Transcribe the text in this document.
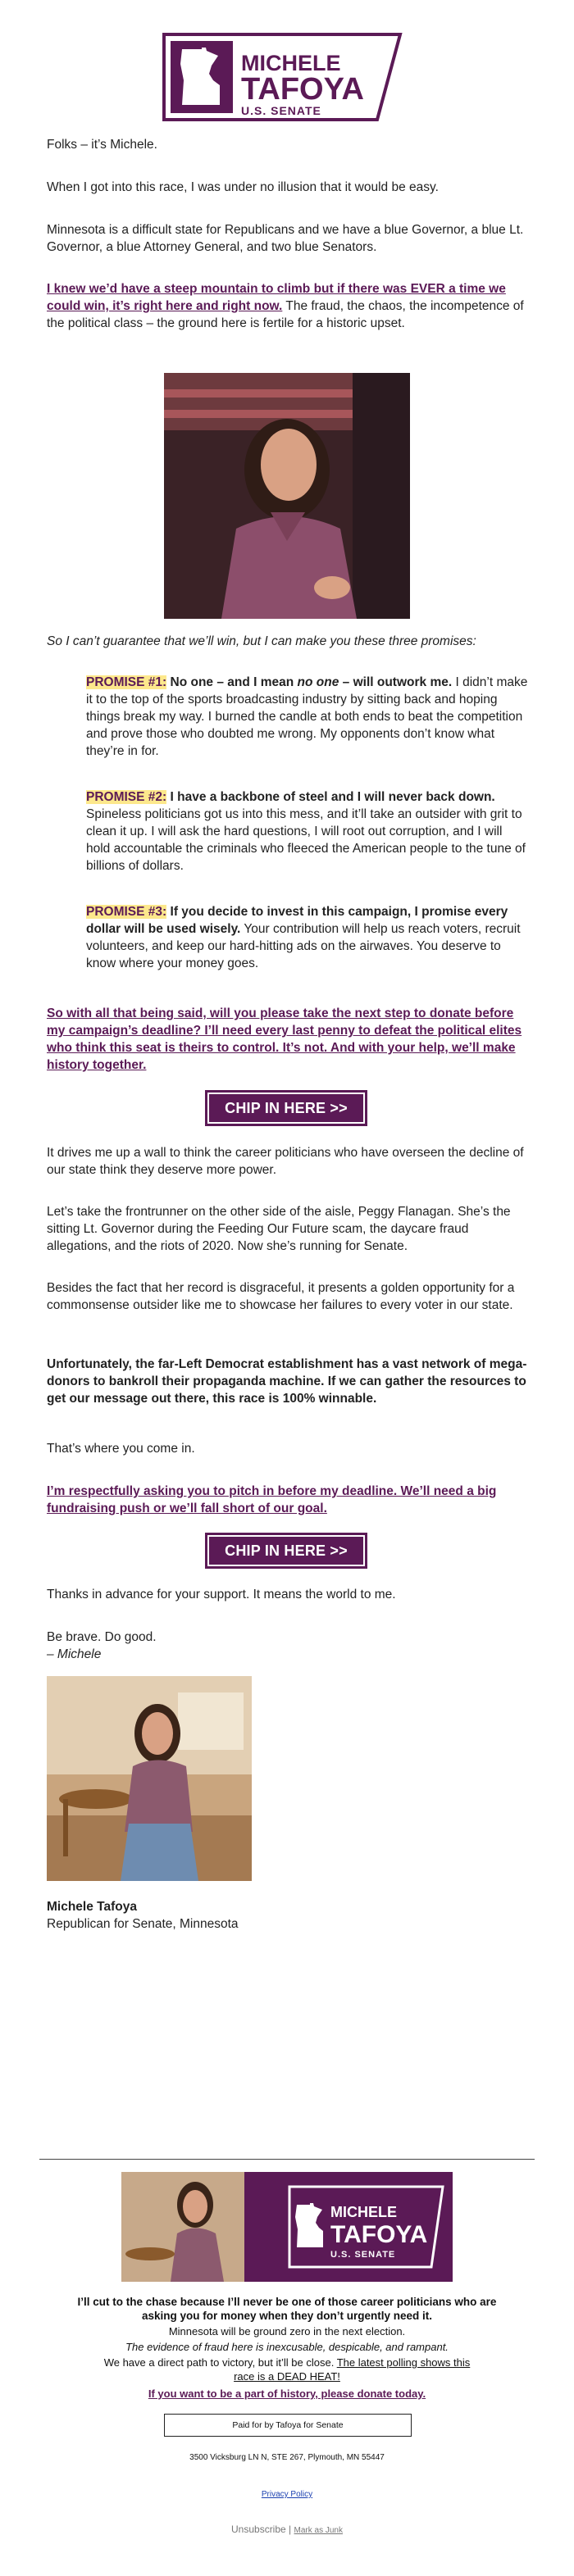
MICHELE
TAFOYA
U.S. SENATE

Folks – it’s Michele.

When I got into this race, I was under no illusion that it would be easy.

Minnesota is a difficult state for Republicans and we have a blue Governor, a blue Lt. Governor, a blue Attorney General, and two blue Senators.

I knew we’d have a steep mountain to climb but if there was EVER a time we could win, it’s right here and right now. The fraud, the chaos, the incompetence of the political class – the ground here is fertile for a historic upset.

So I can’t guarantee that we’ll win, but I can make you these three promises:

PROMISE #1: No one – and I mean no one – will outwork me. I didn’t make it to the top of the sports broadcasting industry by sitting back and hoping things break my way. I burned the candle at both ends to beat the competition and prove those who doubted me wrong. My opponents don’t know what they’re in for.

PROMISE #2: I have a backbone of steel and I will never back down. Spineless politicians got us into this mess, and it’ll take an outsider with grit to clean it up. I will ask the hard questions, I will root out corruption, and I will hold accountable the criminals who fleeced the American people to the tune of billions of dollars.

PROMISE #3: If you decide to invest in this campaign, I promise every dollar will be used wisely. Your contribution will help us reach voters, recruit volunteers, and keep our hard-hitting ads on the airwaves. You deserve to know where your money goes.

So with all that being said, will you please take the next step to donate before my campaign’s deadline? I’ll need every last penny to defeat the political elites who think this seat is theirs to control. It’s not. And with your help, we’ll make history together.

CHIP IN HERE >>

It drives me up a wall to think the career politicians who have overseen the decline of our state think they deserve more power.

Let’s take the frontrunner on the other side of the aisle, Peggy Flanagan. She’s the sitting Lt. Governor during the Feeding Our Future scam, the daycare fraud allegations, and the riots of 2020. Now she’s running for Senate.

Besides the fact that her record is disgraceful, it presents a golden opportunity for a commonsense outsider like me to showcase her failures to every voter in our state.

Unfortunately, the far-Left Democrat establishment has a vast network of mega-donors to bankroll their propaganda machine. If we can gather the resources to get our message out there, this race is 100% winnable.

That’s where you come in.

I’m respectfully asking you to pitch in before my deadline. We’ll need a big fundraising push or we’ll fall short of our goal.

CHIP IN HERE >>

Thanks in advance for your support. It means the world to me.

Be brave. Do good.

– Michele

Michele Tafoya

Republican for Senate, Minnesota

MICHELE
TAFOYA
U.S. SENATE
I’ll cut to the chase because I’ll never be one of those career politicians who are asking you for money when they don’t urgently need it.
Minnesota will be ground zero in the next election.
The evidence of fraud here is inexcusable, despicable, and rampant.
We have a direct path to victory, but it’ll be close. The latest polling shows this race is a DEAD HEAT!
If you want to be a part of history, please donate today.
Paid for by Tafoya for Senate
3500 Vicksburg LN N, STE 267, Plymouth, MN 55447
Privacy Policy
Unsubscribe | Mark as Junk
